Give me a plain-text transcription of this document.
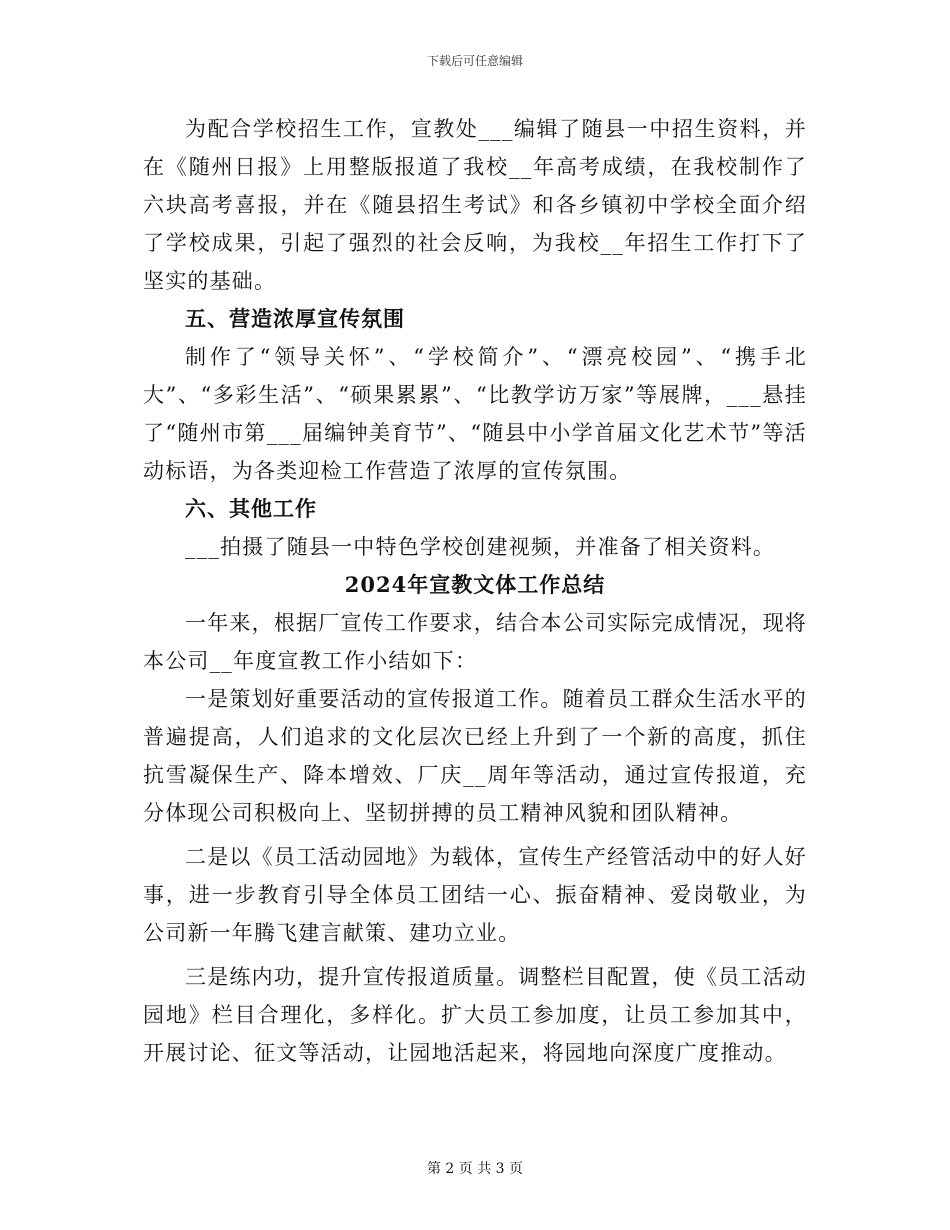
下载后可任意编辑

为配合学校招生工作，宣教处___编辑了随县一中招生资料，并在《随州日报》上用整版报道了我校__年高考成绩，在我校制作了六块高考喜报，并在《随县招生考试》和各乡镇初中学校全面介绍了学校成果，引起了强烈的社会反响，为我校__年招生工作打下了坚实的基础。

五、营造浓厚宣传氛围

制作了“领导关怀”、“学校简介”、“漂亮校园”、“携手北大”、“多彩生活”、“硕果累累”、“比教学访万家”等展牌，___悬挂了“随州市第___届编钟美育节”、“随县中小学首届文化艺术节”等活动标语，为各类迎检工作营造了浓厚的宣传氛围。

六、其他工作

___拍摄了随县一中特色学校创建视频，并准备了相关资料。

2024年宣教文体工作总结

一年来，根据厂宣传工作要求，结合本公司实际完成情况，现将本公司__年度宣教工作小结如下：

一是策划好重要活动的宣传报道工作。随着员工群众生活水平的普遍提高，人们追求的文化层次已经上升到了一个新的高度，抓住抗雪凝保生产、降本增效、厂庆__周年等活动，通过宣传报道，充分体现公司积极向上、坚韧拼搏的员工精神风貌和团队精神。

二是以《员工活动园地》为载体，宣传生产经管活动中的好人好事，进一步教育引导全体员工团结一心、振奋精神、爱岗敬业，为公司新一年腾飞建言献策、建功立业。

三是练内功，提升宣传报道质量。调整栏目配置，使《员工活动园地》栏目合理化，多样化。扩大员工参加度，让员工参加其中，开展讨论、征文等活动，让园地活起来，将园地向深度广度推动。

第 2 页 共 3 页
